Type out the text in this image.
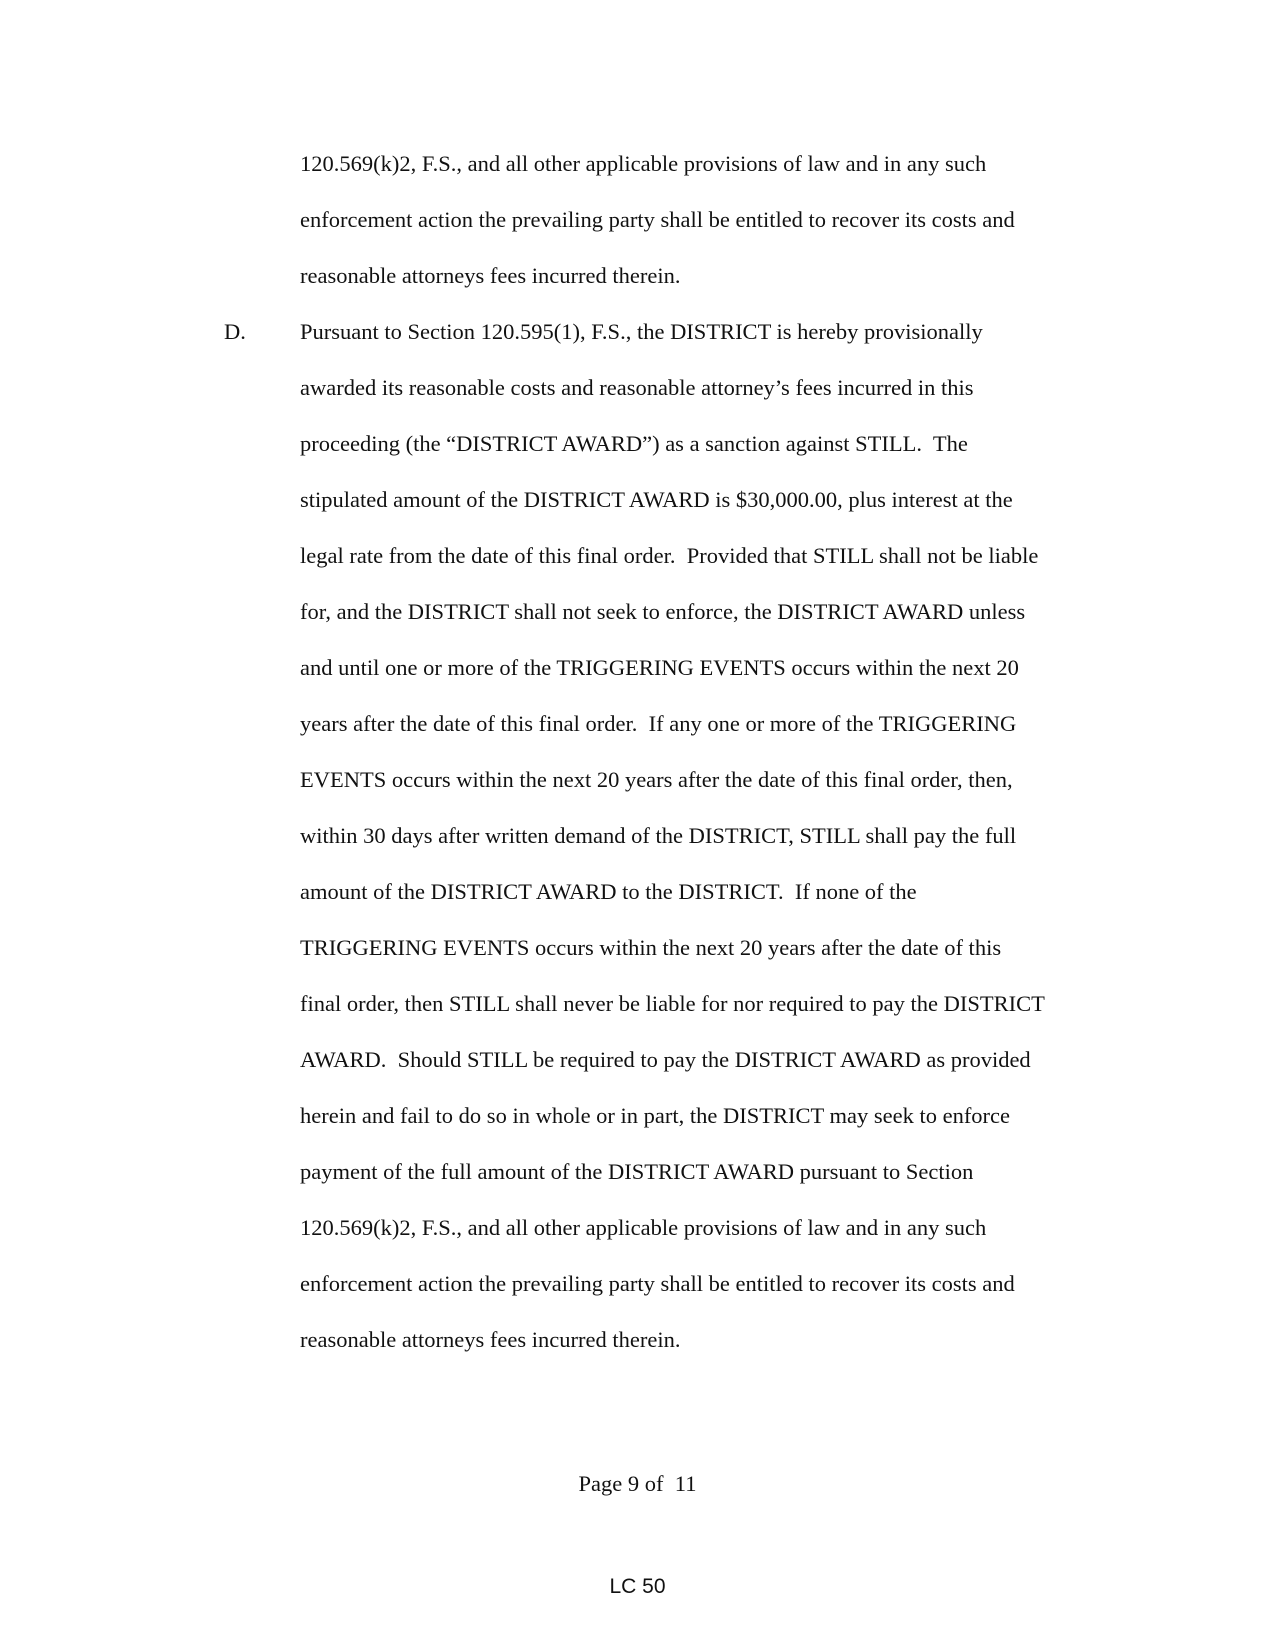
120.569(k)2, F.S., and all other applicable provisions of law and in any such
enforcement action the prevailing party shall be entitled to recover its costs and
reasonable attorneys fees incurred therein.
D. Pursuant to Section 120.595(1), F.S., the DISTRICT is hereby provisionally
awarded its reasonable costs and reasonable attorney’s fees incurred in this
proceeding (the “DISTRICT AWARD”) as a sanction against STILL.  The
stipulated amount of the DISTRICT AWARD is $30,000.00, plus interest at the
legal rate from the date of this final order.  Provided that STILL shall not be liable
for, and the DISTRICT shall not seek to enforce, the DISTRICT AWARD unless
and until one or more of the TRIGGERING EVENTS occurs within the next 20
years after the date of this final order.  If any one or more of the TRIGGERING
EVENTS occurs within the next 20 years after the date of this final order, then,
within 30 days after written demand of the DISTRICT, STILL shall pay the full
amount of the DISTRICT AWARD to the DISTRICT.  If none of the
TRIGGERING EVENTS occurs within the next 20 years after the date of this
final order, then STILL shall never be liable for nor required to pay the DISTRICT
AWARD.  Should STILL be required to pay the DISTRICT AWARD as provided
herein and fail to do so in whole or in part, the DISTRICT may seek to enforce
payment of the full amount of the DISTRICT AWARD pursuant to Section
120.569(k)2, F.S., and all other applicable provisions of law and in any such
enforcement action the prevailing party shall be entitled to recover its costs and
reasonable attorneys fees incurred therein.
Page 9 of  11
LC 50
